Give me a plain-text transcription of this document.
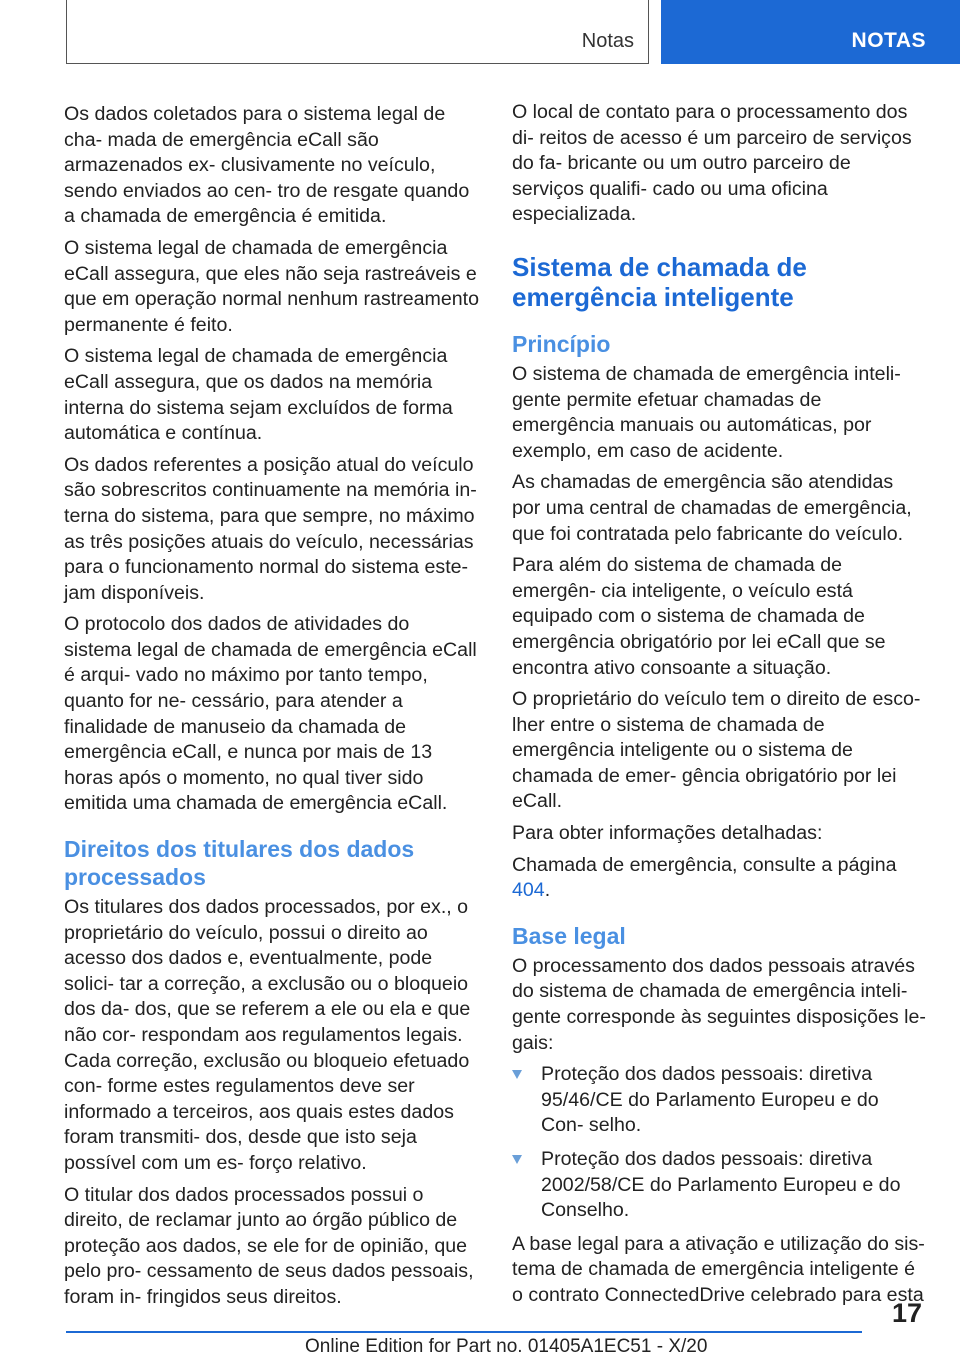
Notas	NOTAS

Os dados coletados para o sistema legal de cha- mada de emergência eCall são armazenados ex- clusivamente no veículo, sendo enviados ao cen- tro de resgate quando a chamada de emergência é emitida.

O sistema legal de chamada de emergência eCall assegura, que eles não seja rastreáveis e que em operação normal nenhum rastreamento permanente é feito.

O sistema legal de chamada de emergência eCall assegura, que os dados na memória interna do sistema sejam excluídos de forma automática e contínua.

Os dados referentes a posição atual do veículo são sobrescritos continuamente na memória in- terna do sistema, para que sempre, no máximo as três posições atuais do veículo, necessárias para o funcionamento normal do sistema este- jam disponíveis.

O protocolo dos dados de atividades do sistema legal de chamada de emergência eCall é arqui- vado no máximo por tanto tempo, quanto for ne- cessário, para atender a finalidade de manuseio da chamada de emergência eCall, e nunca por mais de 13 horas após o momento, no qual tiver sido emitida uma chamada de emergência eCall.

Direitos dos titulares dos dados processados

Os titulares dos dados processados, por ex., o proprietário do veículo, possui o direito ao acesso dos dados e, eventualmente, pode solici- tar a correção, a exclusão ou o bloqueio dos da- dos, que se referem a ele ou ela e que não cor- respondam aos regulamentos legais. Cada correção, exclusão ou bloqueio efetuado con- forme estes regulamentos deve ser informado a terceiros, aos quais estes dados foram transmiti- dos, desde que isto seja possível com um es- forço relativo.

O titular dos dados processados possui o direito, de reclamar junto ao órgão público de proteção aos dados, se ele for de opinião, que pelo pro- cessamento de seus dados pessoais, foram in- fringidos seus direitos.

O local de contato para o processamento dos di- reitos de acesso é um parceiro de serviços do fa- bricante ou um outro parceiro de serviços qualifi- cado ou uma oficina especializada.

Sistema de chamada de emergência inteligente
Princípio

O sistema de chamada de emergência inteli- gente permite efetuar chamadas de emergência manuais ou automáticas, por exemplo, em caso de acidente.

As chamadas de emergência são atendidas por uma central de chamadas de emergência, que foi contratada pelo fabricante do veículo.

Para além do sistema de chamada de emergên- cia inteligente, o veículo está equipado com o sistema de chamada de emergência obrigatório por lei eCall que se encontra ativo consoante a situação.

O proprietário do veículo tem o direito de esco- lher entre o sistema de chamada de emergência inteligente ou o sistema de chamada de emer- gência obrigatório por lei eCall.

Para obter informações detalhadas:

Chamada de emergência, consulte a página 404.

Base legal

O processamento dos dados pessoais através do sistema de chamada de emergência inteli- gente corresponde às seguintes disposições le- gais:

Proteção dos dados pessoais: diretiva 95/46/CE do Parlamento Europeu e do Con- selho.
Proteção dos dados pessoais: diretiva 2002/58/CE do Parlamento Europeu e do Conselho.

A base legal para a ativação e utilização do sis- tema de chamada de emergência inteligente é o contrato ConnectedDrive celebrado para esta

17
Online Edition for Part no. 01405A1EC51 - X/20
